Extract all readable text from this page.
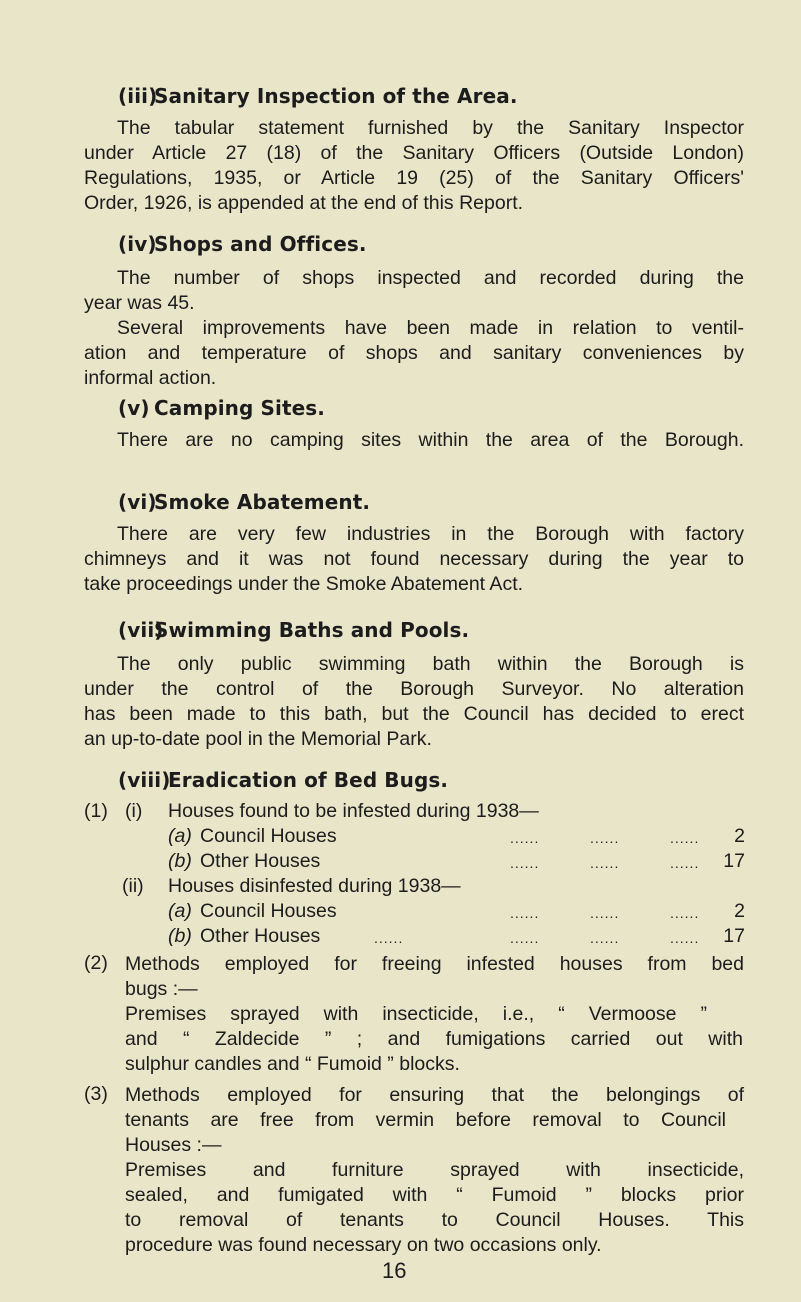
(iii)Sanitary Inspection of the Area.
The tabular statement furnished by the Sanitary Inspector
under Article 27 (18) of the Sanitary Officers (Outside London)
Regulations, 1935, or Article 19 (25) of the Sanitary Officers'
Order, 1926, is appended at the end of this Report.
(iv)Shops and Offices.
The number of shops inspected and recorded during the
year was 45.
Several improvements have been made in relation to ventil-
ation and temperature of shops and sanitary conveniences by
informal action.
(v) Camping Sites.
There are no camping sites within the area of the Borough.
(vi)Smoke Abatement.
There are very few industries in the Borough with factory
chimneys and it was not found necessary during the year to
take proceedings under the Smoke Abatement Act.
(vii)Swimming Baths and Pools.
The only public swimming bath within the Borough is
under the control of the Borough Surveyor. No alteration
has been made to this bath, but the Council has decided to erect
an up-to-date pool in the Memorial Park.
(viii)Eradication of Bed Bugs.
(1) (i) Houses found to be infested during 1938—
(a) Council Houses	......	......	......	2
(b) Other Houses	......	......	......	17
(ii) Houses disinfested during 1938—
(a) Council Houses	......	......	......	2
(b) Other Houses	......	......	......	......	17
(2) Methods employed for freeing infested houses from bed
bugs :—
Premises sprayed with insecticide, i.e., “ Vermoose ”
and “ Zaldecide ” ; and fumigations carried out with
sulphur candles and “ Fumoid ” blocks.
(3) Methods employed for ensuring that the belongings of
tenants are free from vermin before removal to Council
Houses :—
Premises and furniture sprayed with insecticide,
sealed, and fumigated with “ Fumoid ” blocks prior
to removal of tenants to Council Houses. This
procedure was found necessary on two occasions only.
16
